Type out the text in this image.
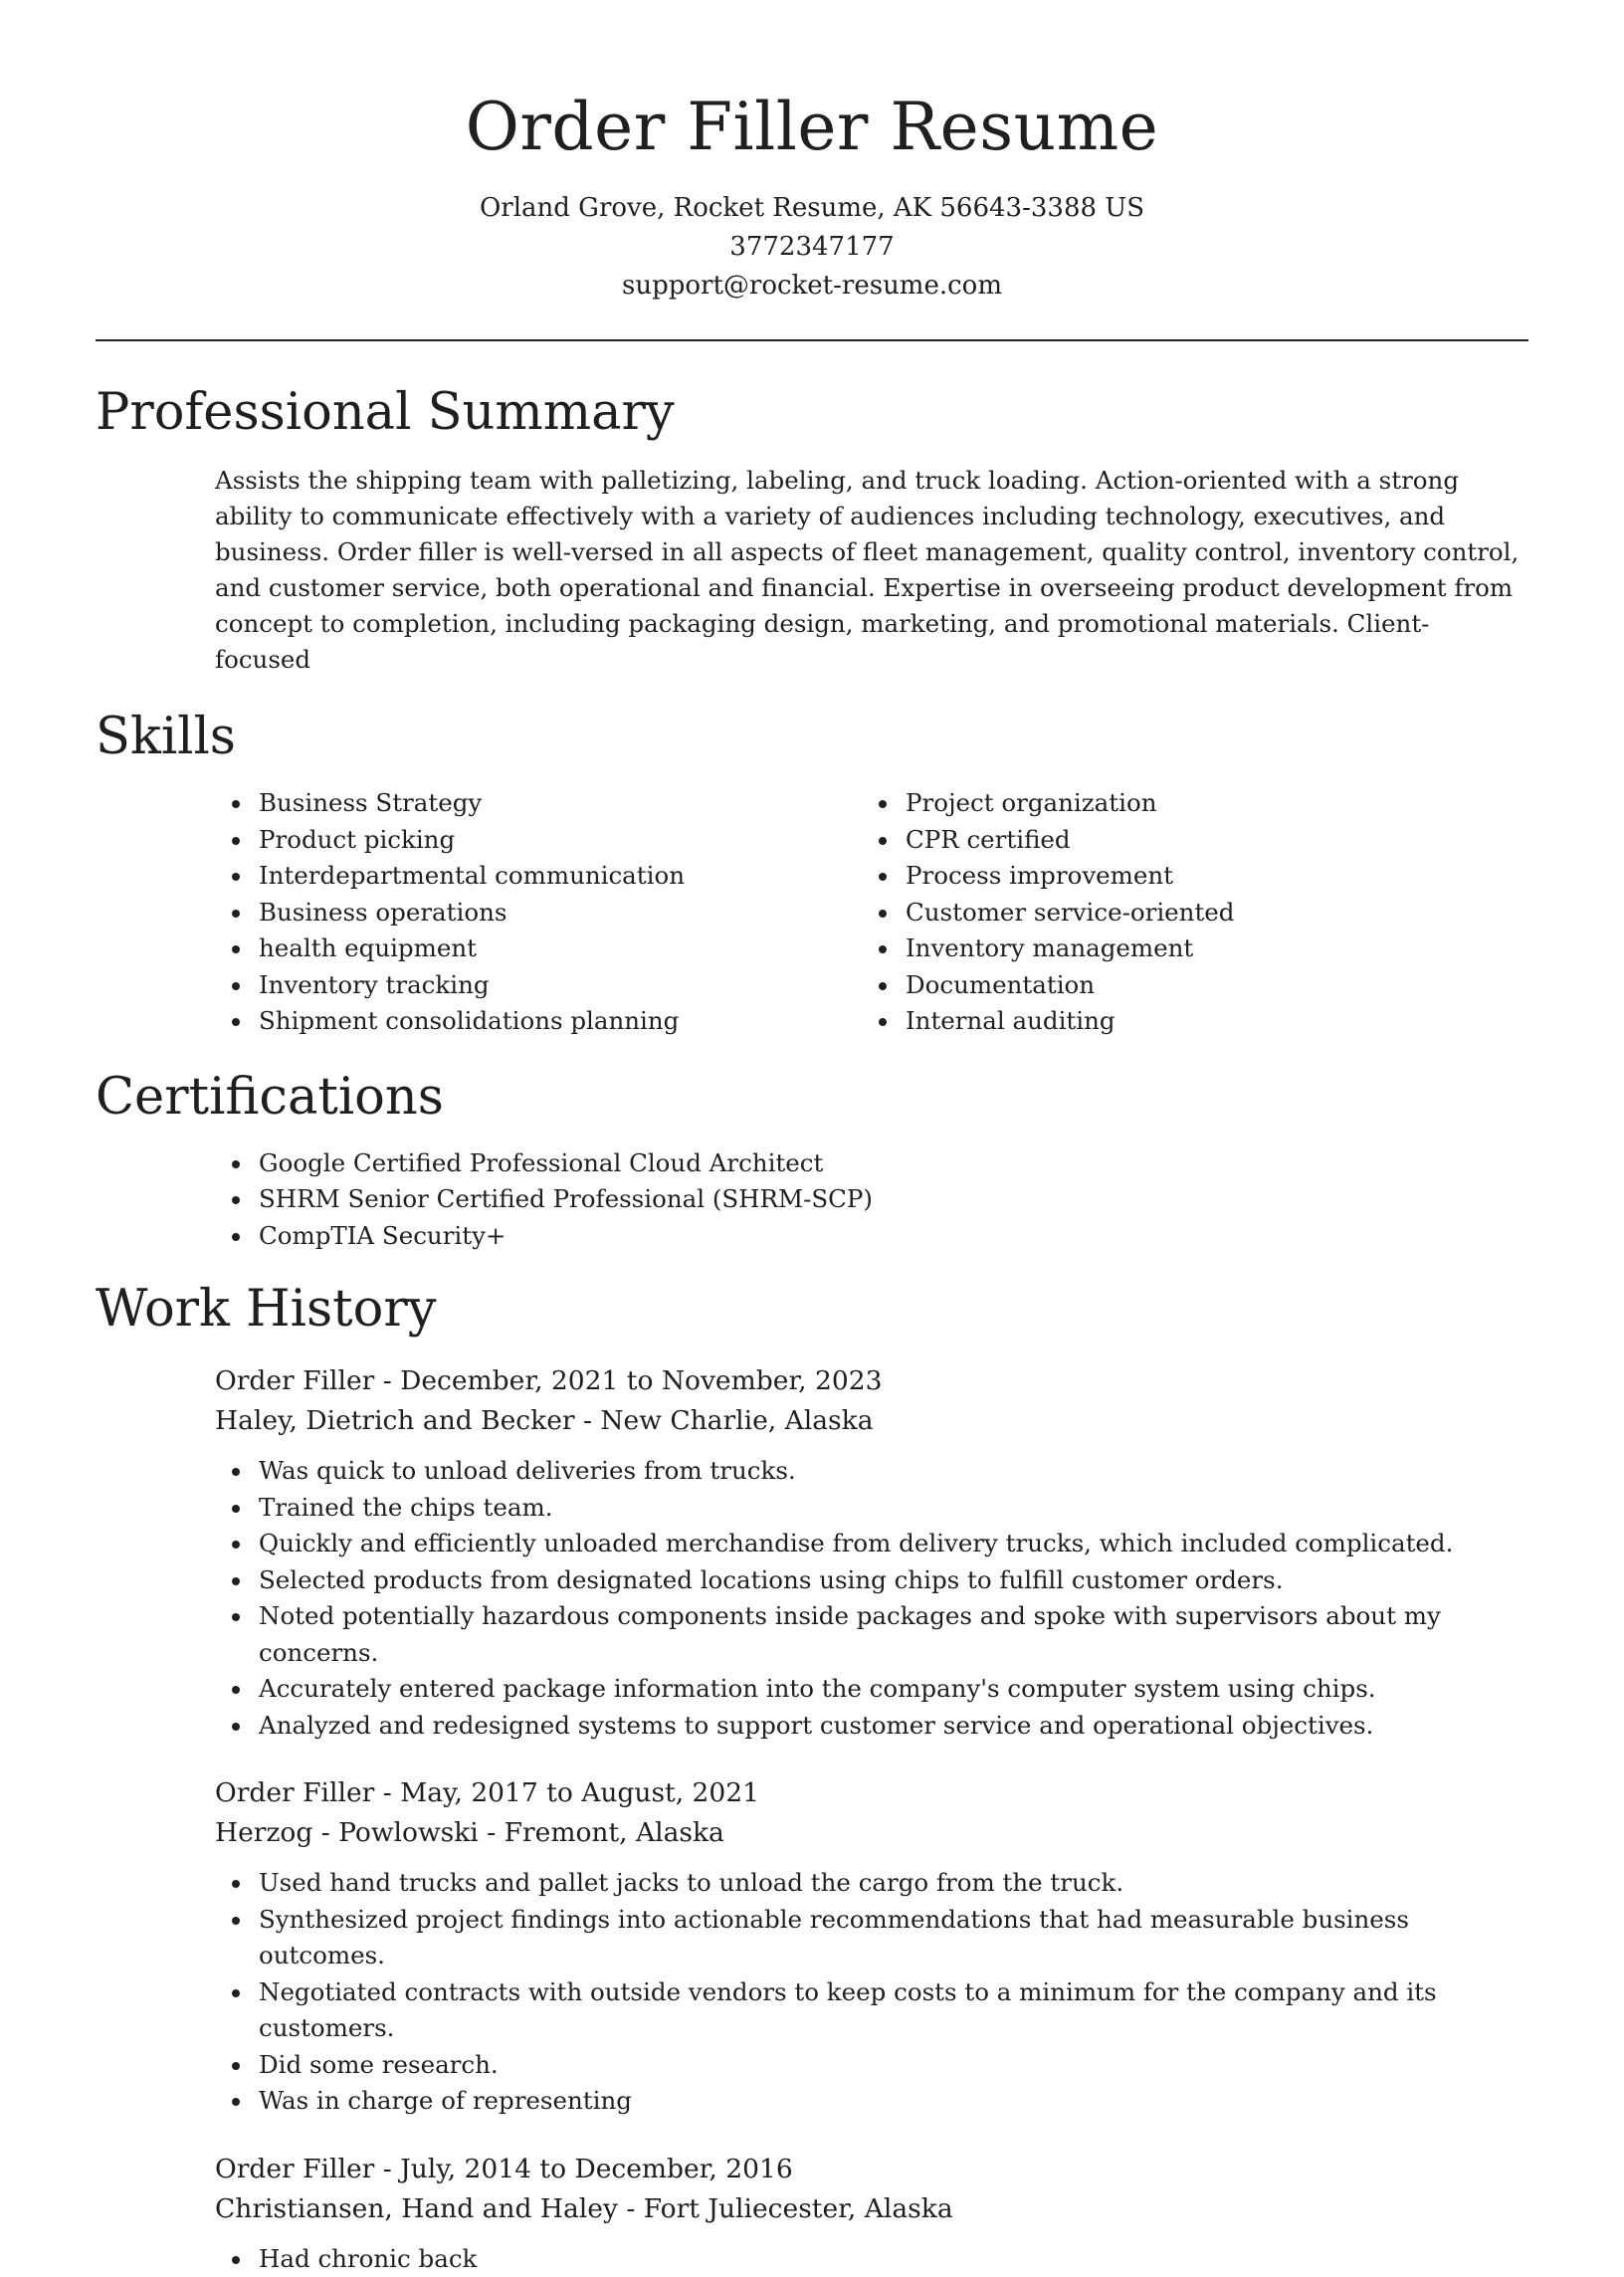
Order Filler Resume
Orland Grove, Rocket Resume, AK 56643-3388 US
3772347177
support@rocket-resume.com
Professional Summary

Assists the shipping team with palletizing, labeling, and truck loading. Action-oriented with a strong ability to communicate effectively with a variety of audiences including technology, executives, and business. Order filler is well-versed in all aspects of fleet management, quality control, inventory control, and customer service, both operational and financial. Expertise in overseeing product development from concept to completion, including packaging design, marketing, and promotional materials. Client-focused

Skills
Business Strategy
Product picking
Interdepartmental communication
Business operations
health equipment
Inventory tracking
Shipment consolidations planning
Project organization
CPR certified
Process improvement
Customer service-oriented
Inventory management
Documentation
Internal auditing
Certifications
Google Certified Professional Cloud Architect
SHRM Senior Certified Professional (SHRM-SCP)
CompTIA Security+
Work History
Order Filler - December, 2021 to November, 2023
Haley, Dietrich and Becker - New Charlie, Alaska
Was quick to unload deliveries from trucks.
Trained the chips team.
Quickly and efficiently unloaded merchandise from delivery trucks, which included complicated.
Selected products from designated locations using chips to fulfill customer orders.
Noted potentially hazardous components inside packages and spoke with supervisors about my concerns.
Accurately entered package information into the company's computer system using chips.
Analyzed and redesigned systems to support customer service and operational objectives.
Order Filler - May, 2017 to August, 2021
Herzog - Powlowski - Fremont, Alaska
Used hand trucks and pallet jacks to unload the cargo from the truck.
Synthesized project findings into actionable recommendations that had measurable business outcomes.
Negotiated contracts with outside vendors to keep costs to a minimum for the company and its customers.
Did some research.
Was in charge of representing
Order Filler - July, 2014 to December, 2016
Christiansen, Hand and Haley - Fort Juliecester, Alaska
Had chronic back
